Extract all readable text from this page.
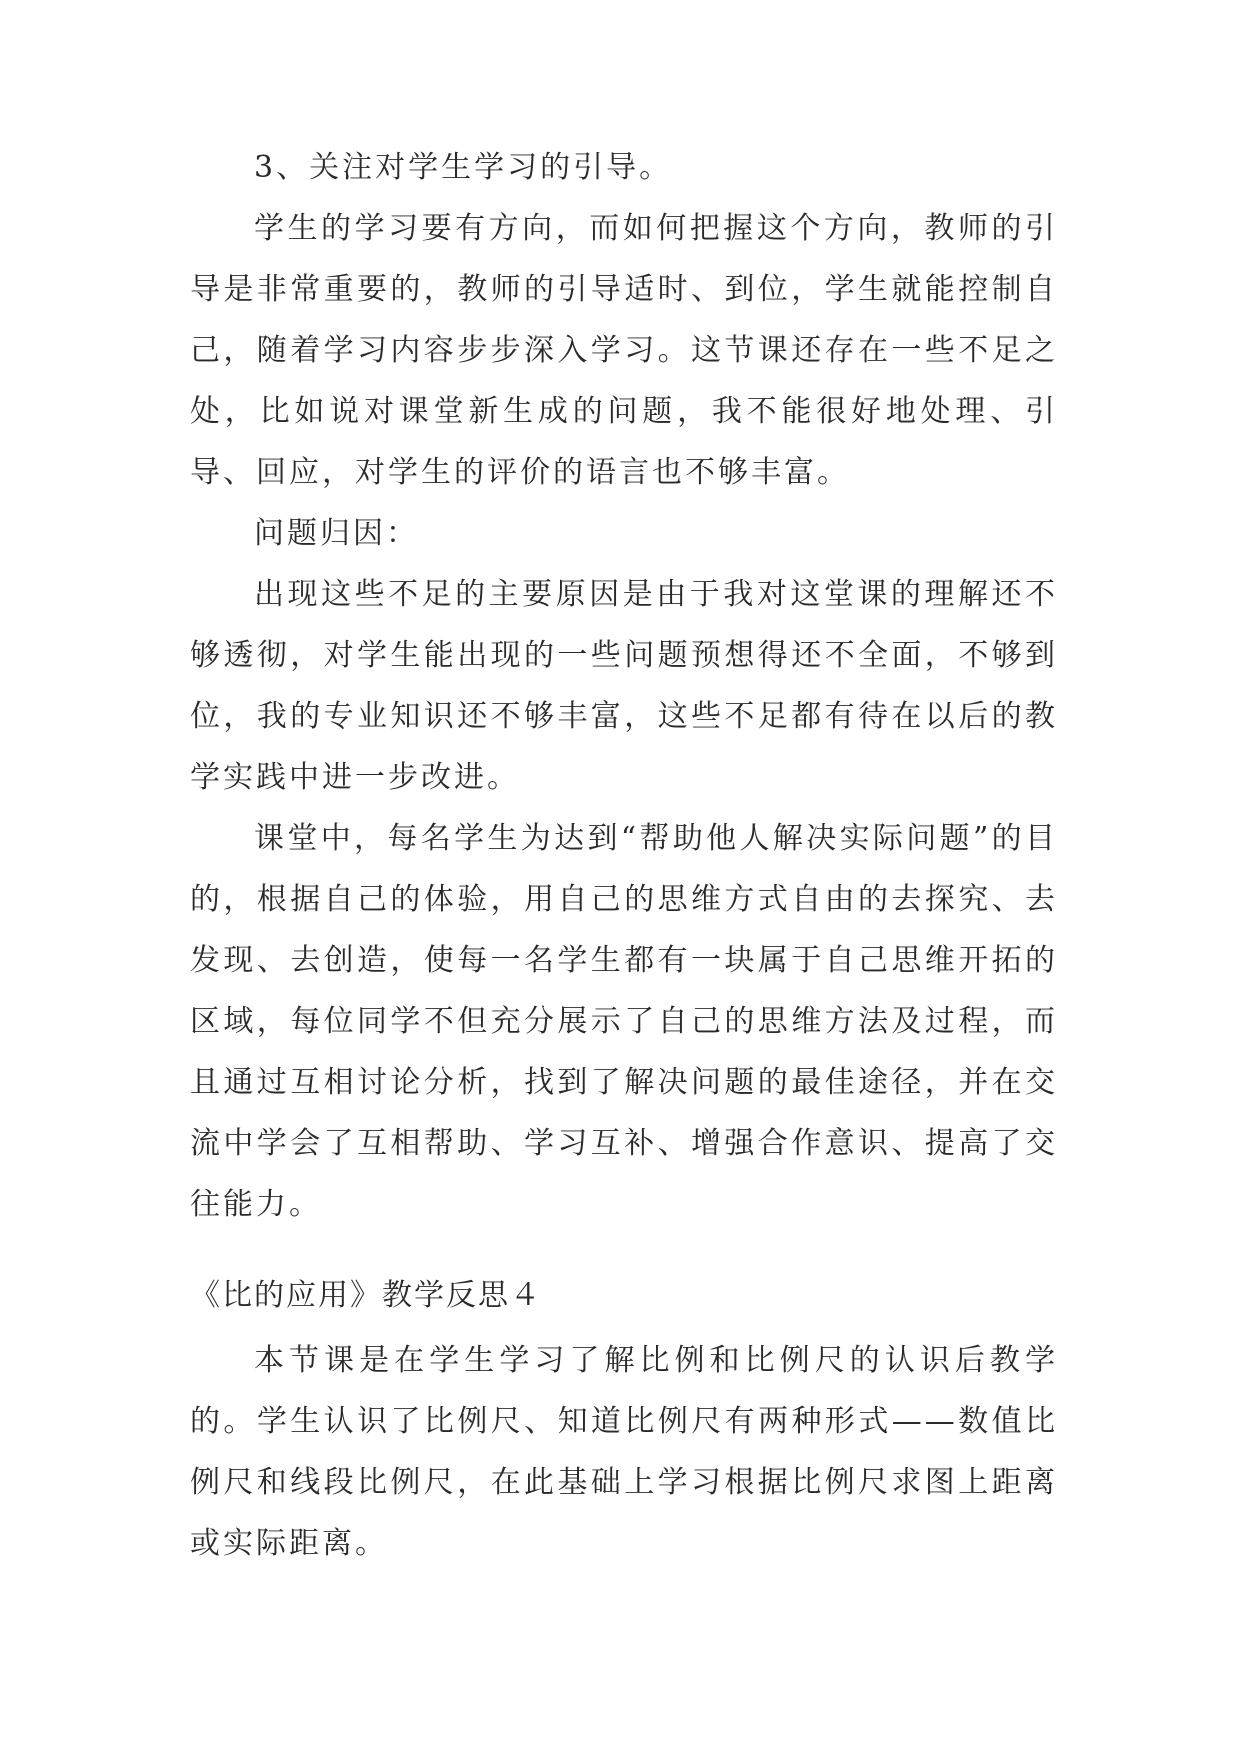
3、关注对学生学习的引导。
学生的学习要有方向，而如何把握这个方向，教师的引导是非常重要的，教师的引导适时、到位，学生就能控制自己，随着学习内容步步深入学习。这节课还存在一些不足之处，比如说对课堂新生成的问题，我不能很好地处理、引导、回应，对学生的评价的语言也不够丰富。
问题归因：
出现这些不足的主要原因是由于我对这堂课的理解还不够透彻，对学生能出现的一些问题预想得还不全面，不够到位，我的专业知识还不够丰富，这些不足都有待在以后的教学实践中进一步改进。
课堂中，每名学生为达到“帮助他人解决实际问题”的目的，根据自己的体验，用自己的思维方式自由的去探究、去发现、去创造，使每一名学生都有一块属于自己思维开拓的区域，每位同学不但充分展示了自己的思维方法及过程，而且通过互相讨论分析，找到了解决问题的最佳途径，并在交流中学会了互相帮助、学习互补、增强合作意识、提高了交往能力。
《比的应用》教学反思４
本节课是在学生学习了解比例和比例尺的认识后教学的。学生认识了比例尺、知道比例尺有两种形式——数值比例尺和线段比例尺，在此基础上学习根据比例尺求图上距离或实际距离。
